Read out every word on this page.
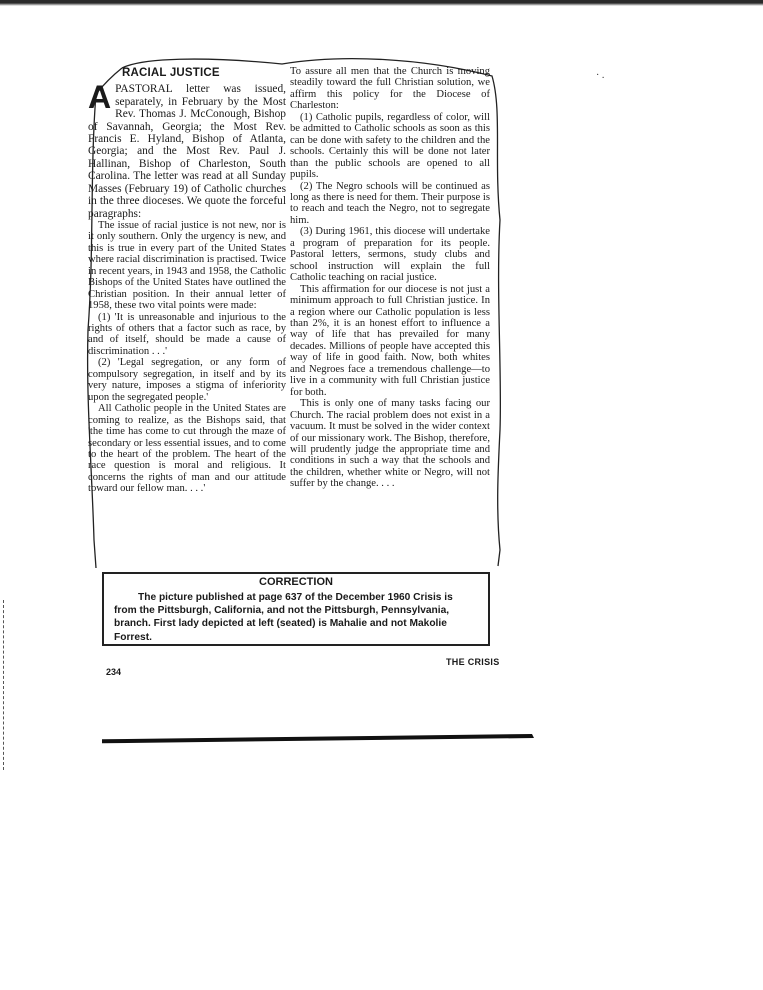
· .
RACIAL JUSTICE

APASTORAL letter was issued, separately, in February by the Most Rev. Thomas J. McConough, Bishop of Savannah, Georgia; the Most Rev. Francis E. Hyland, Bishop of Atlanta, Georgia; and the Most Rev. Paul J. Hallinan, Bishop of Charleston, South Carolina. The letter was read at all Sunday Masses (February 19) of Catholic churches in the three dioceses. We quote the forceful paragraphs:

The issue of racial justice is not new, nor is it only southern. Only the urgency is new, and this is true in every part of the United States where racial discrimination is practised. Twice in recent years, in 1943 and 1958, the Catholic Bishops of the United States have outlined the Christian position. In their annual letter of 1958, these two vital points were made:

(1) 'It is unreasonable and injurious to the rights of others that a factor such as race, by and of itself, should be made a cause of discrimination . . .'

(2) 'Legal segregation, or any form of compulsory segregation, in itself and by its very nature, imposes a stigma of inferiority upon the segregated people.'

All Catholic people in the United States are coming to realize, as the Bishops said, that 'the time has come to cut through the maze of secondary or less essential issues, and to come to the heart of the problem. The heart of the race question is moral and religious. It concerns the rights of man and our attitude toward our fellow man. . . .'

To assure all men that the Church is moving steadily toward the full Christian solution, we affirm this policy for the Diocese of Charleston:

(1) Catholic pupils, regardless of color, will be admitted to Catholic schools as soon as this can be done with safety to the children and the schools. Certainly this will be done not later than the public schools are opened to all pupils.

(2) The Negro schools will be continued as long as there is need for them. Their purpose is to reach and teach the Negro, not to segregate him.

(3) During 1961, this diocese will undertake a program of preparation for its people. Pastoral letters, sermons, study clubs and school instruction will explain the full Catholic teaching on racial justice.

This affirmation for our diocese is not just a minimum approach to full Christian justice. In a region where our Catholic population is less than 2%, it is an honest effort to influence a way of life that has prevailed for many decades. Millions of people have accepted this way of life in good faith. Now, both whites and Negroes face a tremendous challenge—to live in a community with full Christian justice for both.

This is only one of many tasks facing our Church. The racial problem does not exist in a vacuum. It must be solved in the wider context of our missionary work. The Bishop, therefore, will prudently judge the appropriate time and conditions in such a way that the schools and the children, whether white or Negro, will not suffer by the change. . . .

CORRECTION

The picture published at page 637 of the December 1960 Crisis is from the Pittsburgh, California, and not the Pittsburgh, Pennsylvania, branch. First lady depicted at left (seated) is Mahalie and not Makolie Forrest.

234
THE CRISIS
